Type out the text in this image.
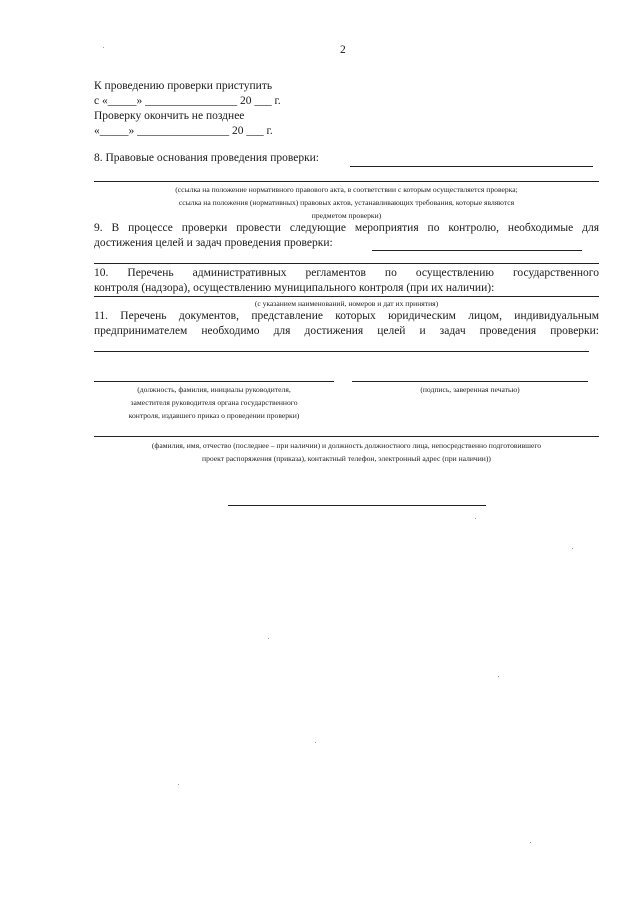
2
К проведению проверки приступить
с «_____» ________________ 20 ___ г.
Проверку окончить не позднее
«_____» ________________ 20 ___ г.
8. Правовые основания проведения проверки:
(ссылка на положение нормативного правового акта, в соответствии с которым осуществляется проверка;
ссылка на положения (нормативных) правовых актов, устанавливающих требования, которые являются
предметом проверки)
9. В процессе проверки провести следующие мероприятия по контролю, необходимые для
достижения целей и задач проведения проверки:
10. Перечень административных регламентов по осуществлению государственного
контроля (надзора), осуществлению муниципального контроля (при их наличии):
(с указанием наименований, номеров и дат их принятия)
11. Перечень документов, представление которых юридическим лицом, индивидуальным
предпринимателем необходимо для достижения целей и задач проведения проверки:
(должность, фамилия, инициалы руководителя,
заместителя руководителя органа государственного
контроля, издавшего приказ о проведении проверки)
(подпись, заверенная печатью)
(фамилия, имя, отчество (последнее – при наличии) и должность должностного лица, непосредственно подготовившего
проект распоряжения (приказа), контактный телефон, электронный адрес (при наличии))
